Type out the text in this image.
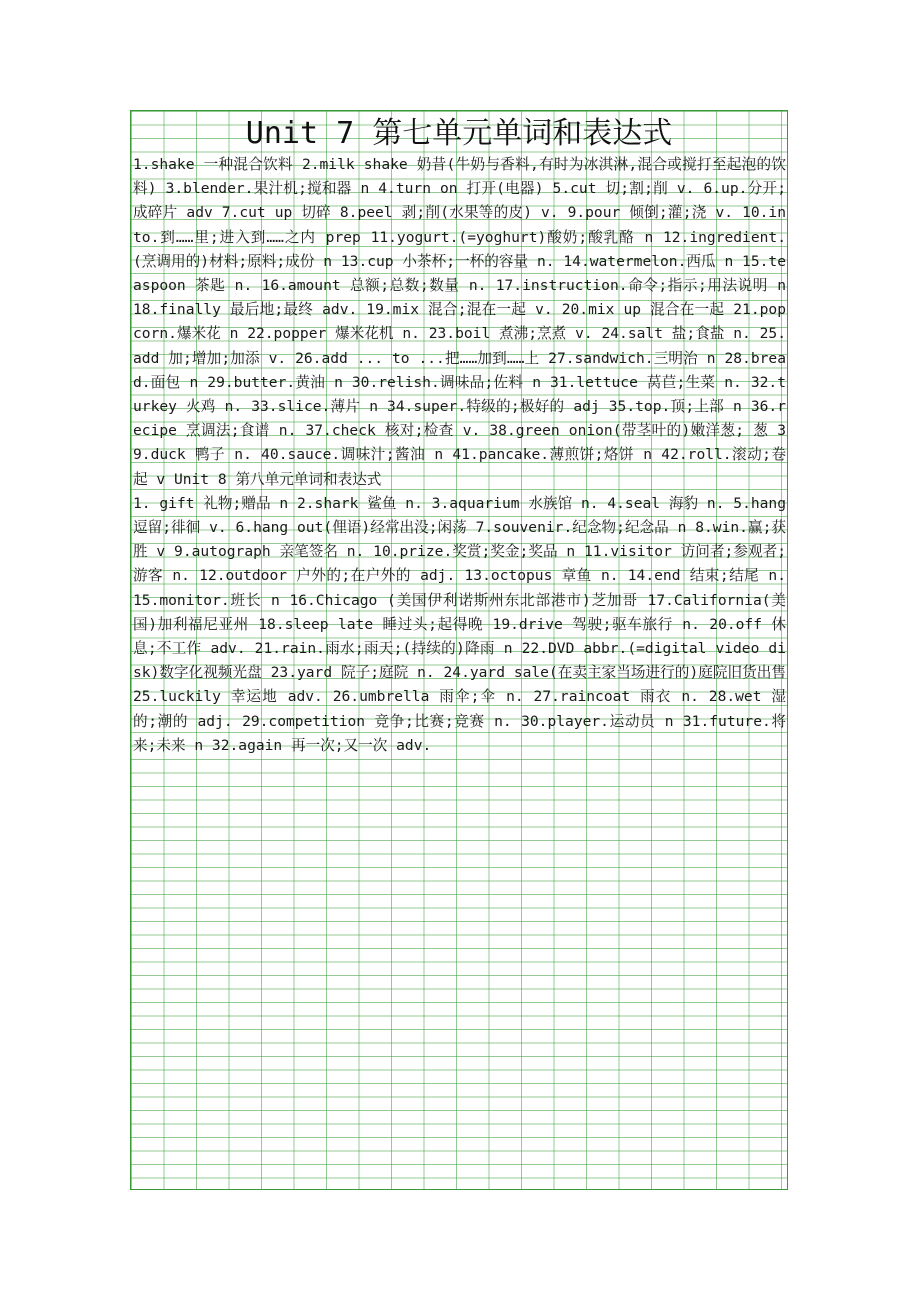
Unit 7 第七单元单词和表达式
1.shake 一种混合饮料 2.milk shake 奶昔(牛奶与香料,有时为冰淇淋,混合或搅打至起泡的饮料) 3.blender.果汁机;搅和器 n 4.turn on 打开(电器) 5.cut 切;割;削 v. 6.up.分开;成碎片 adv 7.cut up 切碎 8.peel 剥;削(水果等的皮) v. 9.pour 倾倒;灌;浇 v. 10.into.到……里;进入到……之内 prep 11.yogurt.(=yoghurt)酸奶;酸乳酪 n 12.ingredient.(烹调用的)材料;原料;成份 n 13.cup 小茶杯;一杯的容量 n. 14.watermelon.西瓜 n 15.teaspoon 茶匙 n. 16.amount 总额;总数;数量 n. 17.instruction.命令;指示;用法说明 n 18.finally 最后地;最终 adv. 19.mix 混合;混在一起 v. 20.mix up 混合在一起 21.popcorn.爆米花 n 22.popper 爆米花机 n. 23.boil 煮沸;烹煮 v. 24.salt 盐;食盐 n. 25.add 加;增加;加添 v. 26.add ... to ...把……加到……上 27.sandwich.三明治 n 28.bread.面包 n 29.butter.黄油 n 30.relish.调味品;佐料 n 31.lettuce 莴苣;生菜 n. 32.turkey 火鸡 n. 33.slice.薄片 n 34.super.特级的;极好的 adj 35.top.顶;上部 n 36.recipe 烹调法;食谱 n. 37.check 核对;检查 v. 38.green onion(带茎叶的)嫩洋葱; 葱 39.duck 鸭子 n. 40.sauce.调味汁;酱油 n 41.pancake.薄煎饼;烙饼 n 42.roll.滚动;卷起 v Unit 8 第八单元单词和表达式
1. gift 礼物;赠品 n 2.shark 鲨鱼 n. 3.aquarium 水族馆 n. 4.seal 海豹 n. 5.hang 逗留;徘徊 v. 6.hang out(俚语)经常出没;闲荡 7.souvenir.纪念物;纪念品 n 8.win.赢;获胜 v 9.autograph 亲笔签名 n. 10.prize.奖赏;奖金;奖品 n 11.visitor 访问者;参观者;游客 n. 12.outdoor 户外的;在户外的 adj. 13.octopus 章鱼 n. 14.end 结束;结尾 n. 15.monitor.班长 n 16.Chicago (美国伊利诺斯州东北部港市)芝加哥 17.California(美国)加利福尼亚州 18.sleep late 睡过头;起得晚 19.drive 驾驶;驱车旅行 n. 20.off 休息;不工作 adv. 21.rain.雨水;雨天;(持续的)降雨 n 22.DVD abbr.(=digital video disk)数字化视频光盘 23.yard 院子;庭院 n. 24.yard sale(在卖主家当场进行的)庭院旧货出售 25.luckily 幸运地 adv. 26.umbrella 雨伞;伞 n. 27.raincoat 雨衣 n. 28.wet 湿的;潮的 adj. 29.competition 竞争;比赛;竞赛 n. 30.player.运动员 n 31.future.将来;未来 n 32.again 再一次;又一次 adv.
